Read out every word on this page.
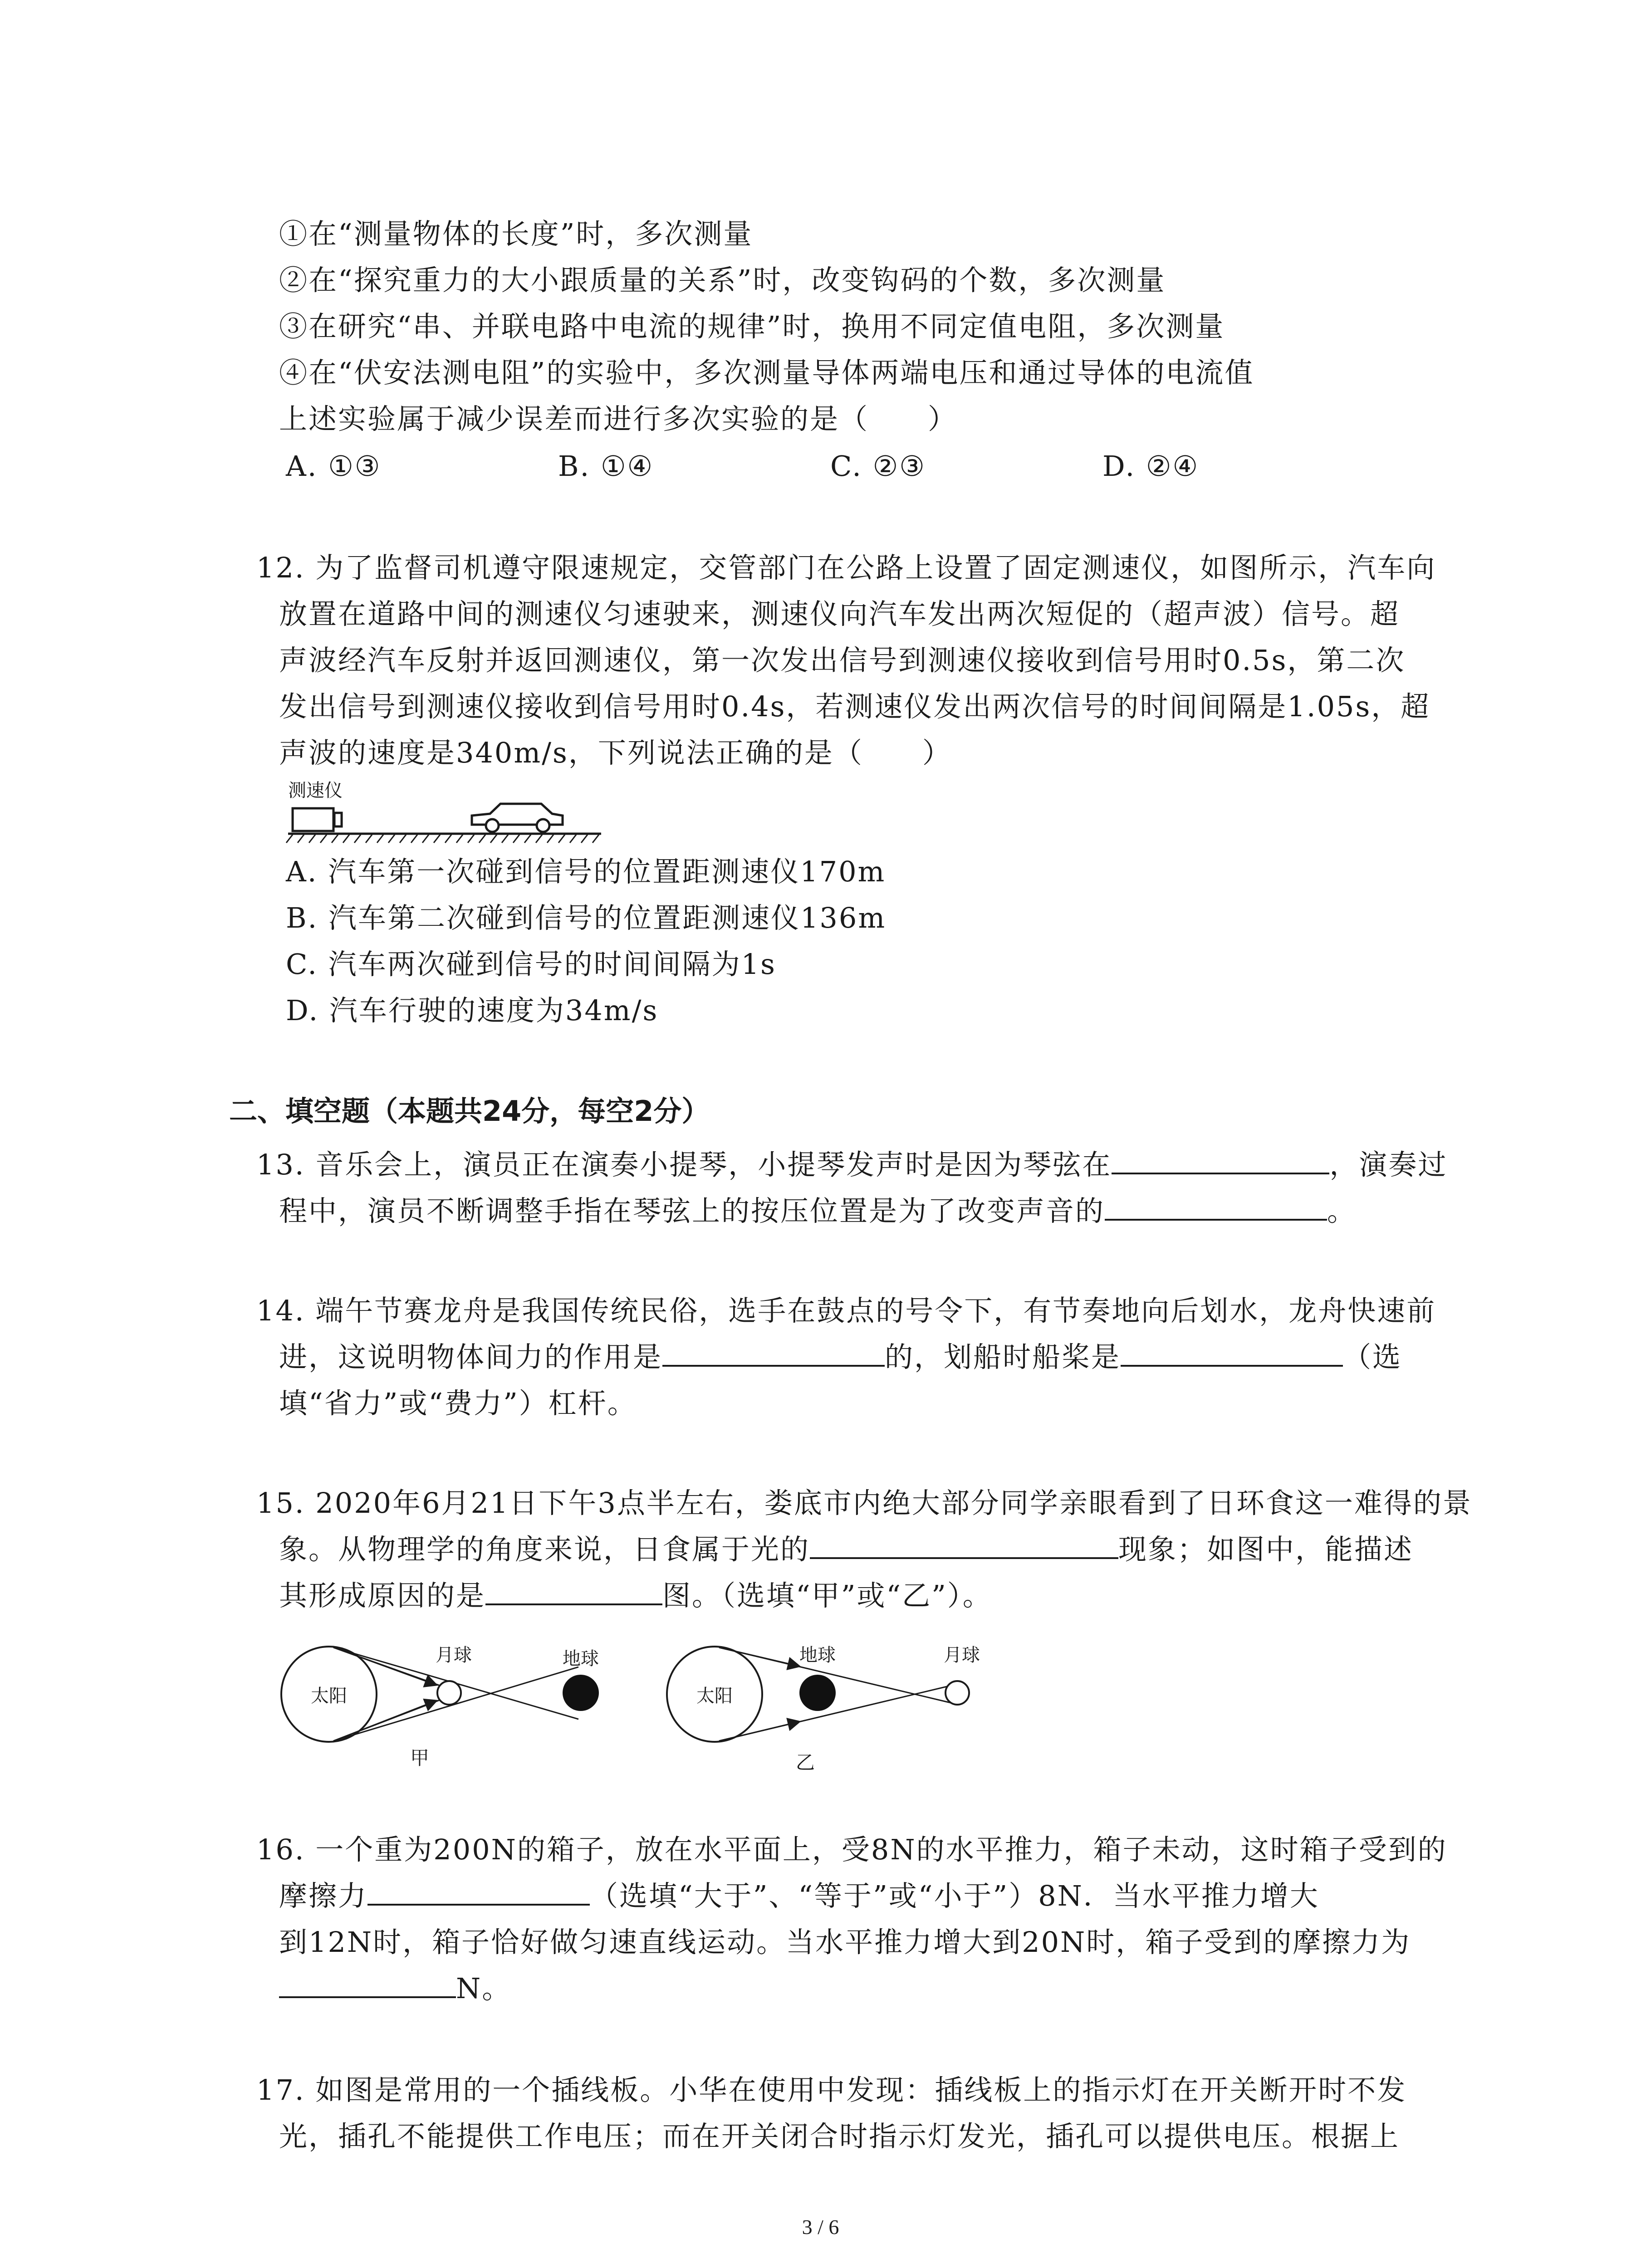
①在“测量物体的长度”时，多次测量
②在“探究重力的大小跟质量的关系”时，改变钩码的个数，多次测量
③在研究“串、并联电路中电流的规律”时，换用不同定值电阻，多次测量
④在“伏安法测电阻”的实验中，多次测量导体两端电压和通过导体的电流值
上述实验属于减少误差而进行多次实验的是（　　）
A. ①③	B. ①④	C. ②③	D. ②④
12. 为了监督司机遵守限速规定，交管部门在公路上设置了固定测速仪，如图所示，汽车向
放置在道路中间的测速仪匀速驶来，测速仪向汽车发出两次短促的（超声波）信号。超
声波经汽车反射并返回测速仪，第一次发出信号到测速仪接收到信号用时0.5s，第二次
发出信号到测速仪接收到信号用时0.4s，若测速仪发出两次信号的时间间隔是1.05s，超
声波的速度是340m/s，下列说法正确的是（　　）
测速仪
A. 汽车第一次碰到信号的位置距测速仪170m
B. 汽车第二次碰到信号的位置距测速仪136m
C. 汽车两次碰到信号的时间间隔为1s
D. 汽车行驶的速度为34m/s
二、填空题（本题共24分，每空2分）
13. 音乐会上，演员正在演奏小提琴，小提琴发声时是因为琴弦在	，演奏过
程中，演员不断调整手指在琴弦上的按压位置是为了改变声音的	。
14. 端午节赛龙舟是我国传统民俗，选手在鼓点的号令下，有节奏地向后划水，龙舟快速前
进，这说明物体间力的作用是	的，划船时船桨是	（选
填“省力”或“费力”）杠杆。
15. 2020年6月21日下午3点半左右，娄底市内绝大部分同学亲眼看到了日环食这一难得的景
象。从物理学的角度来说，日食属于光的	现象；如图中，能描述
其形成原因的是	图。（选填“甲”或“乙”）。
太阳
月球	地球
甲
太阳
地球	月球
乙
16. 一个重为200N的箱子，放在水平面上，受8N的水平推力，箱子未动，这时箱子受到的
摩擦力	（选填“大于”、“等于”或“小于”）8N．当水平推力增大
到12N时，箱子恰好做匀速直线运动。当水平推力增大到20N时，箱子受到的摩擦力为
N。
17. 如图是常用的一个插线板。小华在使用中发现：插线板上的指示灯在开关断开时不发
光，插孔不能提供工作电压；而在开关闭合时指示灯发光，插孔可以提供电压。根据上
3 / 6
